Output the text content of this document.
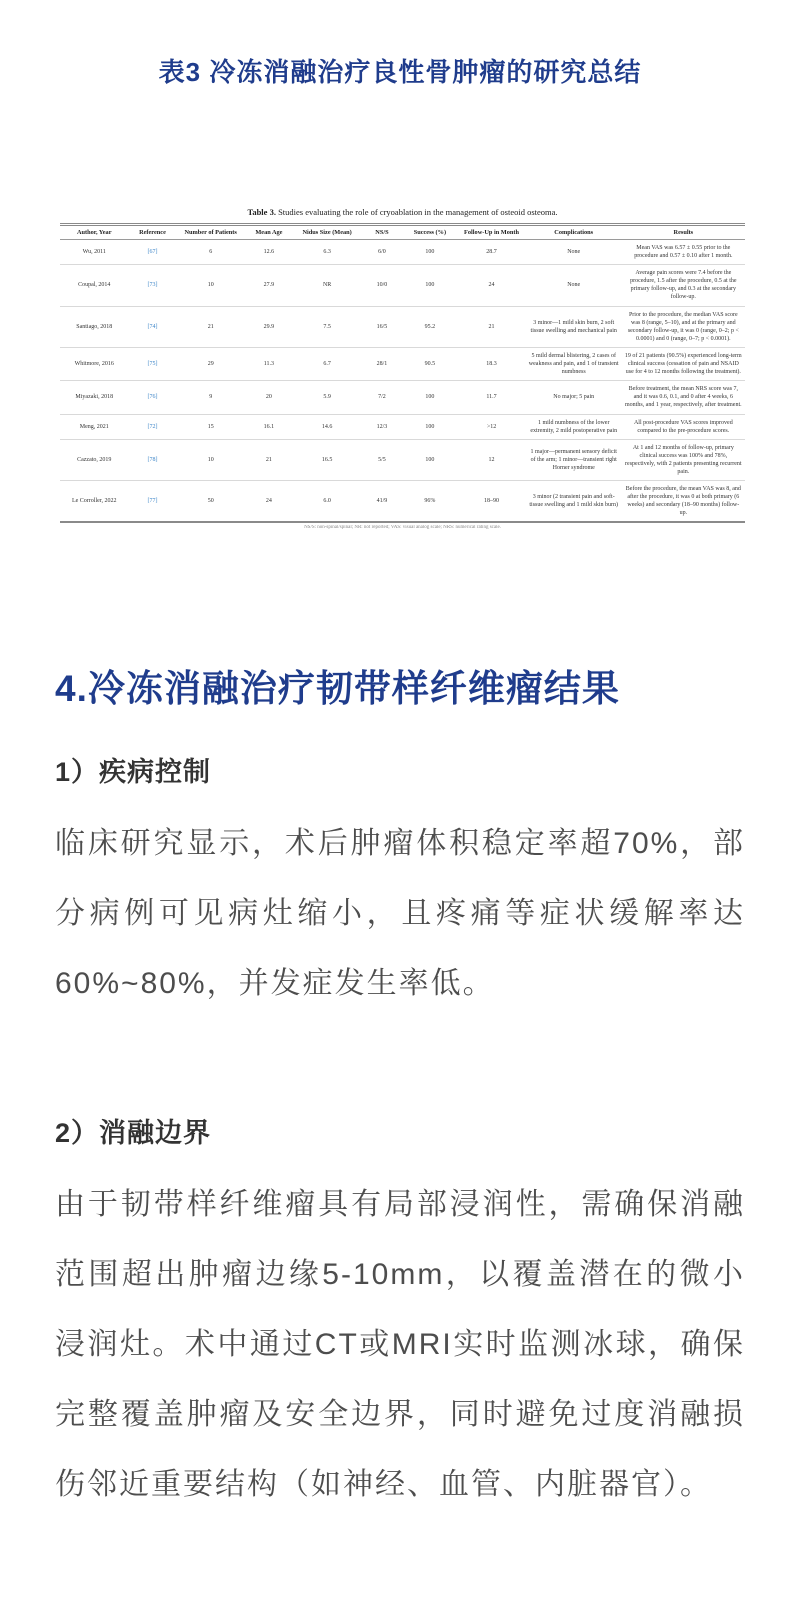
表3 冷冻消融治疗良性骨肿瘤的研究总结
Table 3. Studies evaluating the role of cryoablation in the management of osteoid osteoma.
Author, Year	Reference	Number of Patients	Mean Age	Nidus Size (Mean)	NS/S	Success (%)	Follow-Up in Month	Complications	Results
Wu, 2011	[67]	6	12.6	6.3	6/0	100	28.7	None	Mean VAS was 6.57 ± 0.55 prior to the procedure and 0.57 ± 0.10 after 1 month.
Coupal, 2014	[73]	10	27.9	NR	10/0	100	24	None	Average pain scores were 7.4 before the procedure, 1.5 after the procedure, 0.5 at the primary follow-up, and 0.3 at the secondary follow-up.
Santiago, 2018	[74]	21	29.9	7.5	16/5	95.2	21	3 minor—1 mild skin burn, 2 soft tissue swelling and mechanical pain	Prior to the procedure, the median VAS score was 8 (range, 5–10), and at the primary and secondary follow-up, it was 0 (range, 0–2; p < 0.0001) and 0 (range, 0–7; p < 0.0001).
Whitmore, 2016	[75]	29	11.3	6.7	28/1	90.5	18.3	5 mild dermal blistering, 2 cases of weakness and pain, and 1 of transient numbness	19 of 21 patients (90.5%) experienced long-term clinical success (cessation of pain and NSAID use for 4 to 12 months following the treatment).
Miyazaki, 2018	[76]	9	20	5.9	7/2	100	11.7	No major; 5 pain	Before treatment, the mean NRS score was 7, and it was 0.6, 0.1, and 0 after 4 weeks, 6 months, and 1 year, respectively, after treatment.
Meng, 2021	[72]	15	16.1	14.6	12/3	100	>12	1 mild numbness of the lower extremity, 2 mild postoperative pain	All post-procedure VAS scores improved compared to the pre-procedure scores.
Cazzato, 2019	[78]	10	21	16.5	5/5	100	12	1 major—permanent sensory deficit of the arm; 1 minor—transient right Horner syndrome	At 1 and 12 months of follow-up, primary clinical success was 100% and 78%, respectively, with 2 patients presenting recurrent pain.
Le Corroller, 2022	[77]	50	24	6.0	41/9	96%	18–90	3 minor (2 transient pain and soft-tissue swelling and 1 mild skin burn)	Before the procedure, the mean VAS was 8, and after the procedure, it was 0 at both primary (6 weeks) and secondary (18–90 months) follow-up.
NS/S: non-spinal/spinal; NR: not reported; VAS: visual analog scale; NRS: numerical rating scale.
4.冷冻消融治疗韧带样纤维瘤结果
1）疾病控制

临床研究显示，术后肿瘤体积稳定率超70%，部分病例可见病灶缩小，且疼痛等症状缓解率达60%~80%，并发症发生率低。

2）消融边界

由于韧带样纤维瘤具有局部浸润性，需确保消融范围超出肿瘤边缘5-10mm，以覆盖潜在的微小浸润灶。术中通过CT或MRI实时监测冰球，确保完整覆盖肿瘤及安全边界，同时避免过度消融损伤邻近重要结构（如神经、血管、内脏器官）。
